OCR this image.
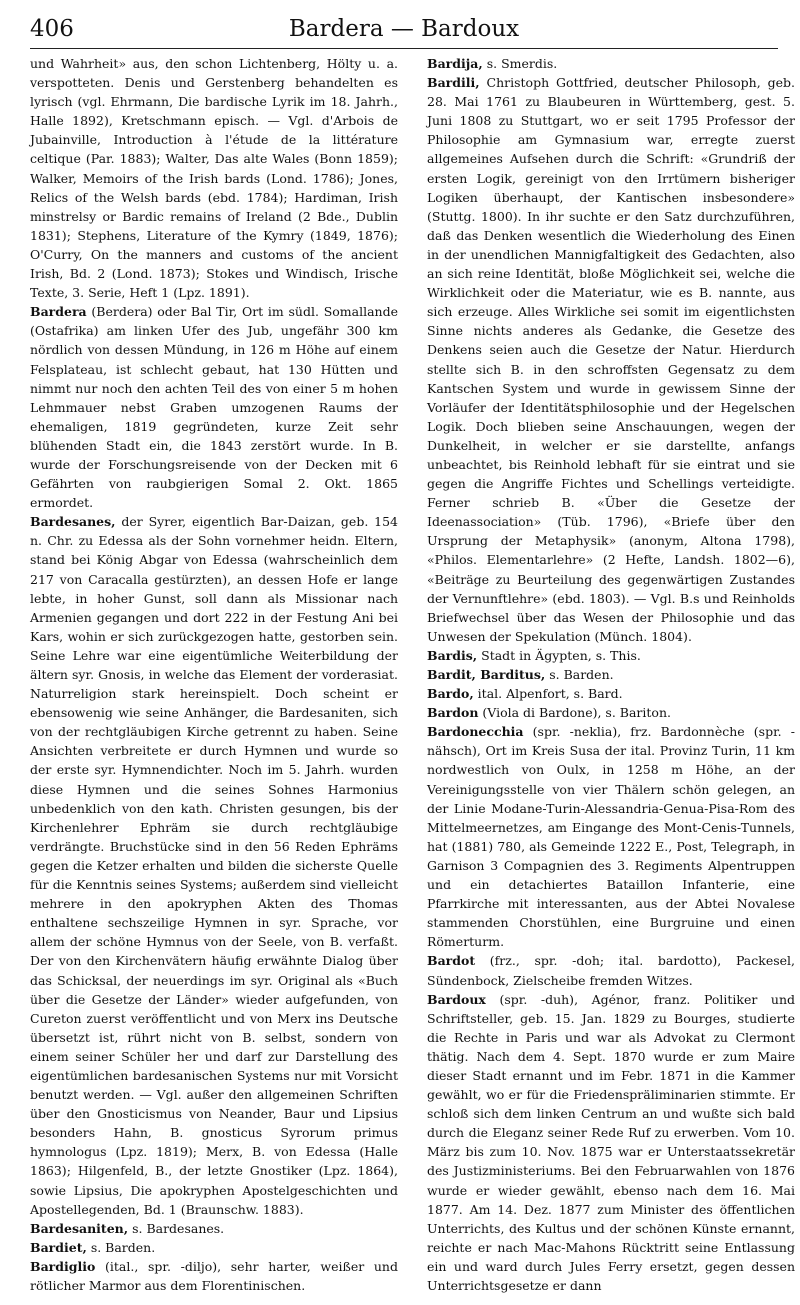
406	Bardera — Bardoux

und Wahrheit» aus, den schon Lichtenberg, Hölty u. a. verspotteten. Denis und Gerstenberg behandelten es lyrisch (vgl. Ehrmann, Die bardische Lyrik im 18. Jahrh., Halle 1892), Kretschmann episch. — Vgl. d'Arbois de Jubainville, Introduction à l'étude de la littérature celtique (Par. 1883); Walter, Das alte Wales (Bonn 1859); Walker, Memoirs of the Irish bards (Lond. 1786); Jones, Relics of the Welsh bards (ebd. 1784); Hardiman, Irish minstrelsy or Bardic remains of Ireland (2 Bde., Dublin 1831); Stephens, Literature of the Kymry (1849, 1876); O'Curry, On the manners and customs of the ancient Irish, Bd. 2 (Lond. 1873); Stokes und Windisch, Irische Texte, 3. Serie, Heft 1 (Lpz. 1891).

Bardera (Berdera) oder Bal Tir, Ort im südl. Somallande (Ostafrika) am linken Ufer des Jub, ungefähr 300 km nördlich von dessen Mündung, in 126 m Höhe auf einem Felsplateau, ist schlecht gebaut, hat 130 Hütten und nimmt nur noch den achten Teil des von einer 5 m hohen Lehmmauer nebst Graben umzogenen Raums der ehemaligen, 1819 gegründeten, kurze Zeit sehr blühenden Stadt ein, die 1843 zerstört wurde. In B. wurde der Forschungsreisende von der Decken mit 6 Gefährten von raubgierigen Somal 2. Okt. 1865 ermordet.

Bardesanes, der Syrer, eigentlich Bar-Daizan, geb. 154 n. Chr. zu Edessa als der Sohn vornehmer heidn. Eltern, stand bei König Abgar von Edessa (wahrscheinlich dem 217 von Caracalla gestürzten), an dessen Hofe er lange lebte, in hoher Gunst, soll dann als Missionar nach Armenien gegangen und dort 222 in der Festung Ani bei Kars, wohin er sich zurückgezogen hatte, gestorben sein. Seine Lehre war eine eigentümliche Weiterbildung der ältern syr. Gnosis, in welche das Element der vorderasiat. Naturreligion stark hereinspielt. Doch scheint er ebensowenig wie seine Anhänger, die Bardesaniten, sich von der rechtgläubigen Kirche getrennt zu haben. Seine Ansichten verbreitete er durch Hymnen und wurde so der erste syr. Hymnendichter. Noch im 5. Jahrh. wurden diese Hymnen und die seines Sohnes Harmonius unbedenklich von den kath. Christen gesungen, bis der Kirchenlehrer Ephräm sie durch rechtgläubige verdrängte. Bruchstücke sind in den 56 Reden Ephräms gegen die Ketzer erhalten und bilden die sicherste Quelle für die Kenntnis seines Systems; außerdem sind vielleicht mehrere in den apokryphen Akten des Thomas enthaltene sechszeilige Hymnen in syr. Sprache, vor allem der schöne Hymnus von der Seele, von B. verfaßt. Der von den Kirchenvätern häufig erwähnte Dialog über das Schicksal, der neuerdings im syr. Original als «Buch über die Gesetze der Länder» wieder aufgefunden, von Cureton zuerst veröffentlicht und von Merx ins Deutsche übersetzt ist, rührt nicht von B. selbst, sondern von einem seiner Schüler her und darf zur Darstellung des eigentümlichen bardesanischen Systems nur mit Vorsicht benutzt werden. — Vgl. außer den allgemeinen Schriften über den Gnosticismus von Neander, Baur und Lipsius besonders Hahn, B. gnosticus Syrorum primus hymnologus (Lpz. 1819); Merx, B. von Edessa (Halle 1863); Hilgenfeld, B., der letzte Gnostiker (Lpz. 1864), sowie Lipsius, Die apokryphen Apostelgeschichten und Apostellegenden, Bd. 1 (Braunschw. 1883).

Bardesaniten, s. Bardesanes.

Bardiet, s. Barden.

Bardiglio (ital., spr. -diljo), sehr harter, weißer und rötlicher Marmor aus dem Florentinischen.

Bardija, s. Smerdis.

Bardili, Christoph Gottfried, deutscher Philosoph, geb. 28. Mai 1761 zu Blaubeuren in Württemberg, gest. 5. Juni 1808 zu Stuttgart, wo er seit 1795 Professor der Philosophie am Gymnasium war, erregte zuerst allgemeines Aufsehen durch die Schrift: «Grundriß der ersten Logik, gereinigt von den Irrtümern bisheriger Logiken überhaupt, der Kantischen insbesondere» (Stuttg. 1800). In ihr suchte er den Satz durchzuführen, daß das Denken wesentlich die Wiederholung des Einen in der unendlichen Mannigfaltigkeit des Gedachten, also an sich reine Identität, bloße Möglichkeit sei, welche die Wirklichkeit oder die Materiatur, wie es B. nannte, aus sich erzeuge. Alles Wirkliche sei somit im eigentlichsten Sinne nichts anderes als Gedanke, die Gesetze des Denkens seien auch die Gesetze der Natur. Hierdurch stellte sich B. in den schroffsten Gegensatz zu dem Kantschen System und wurde in gewissem Sinne der Vorläufer der Identitätsphilosophie und der Hegelschen Logik. Doch blieben seine Anschauungen, wegen der Dunkelheit, in welcher er sie darstellte, anfangs unbeachtet, bis Reinhold lebhaft für sie eintrat und sie gegen die Angriffe Fichtes und Schellings verteidigte. Ferner schrieb B. «Über die Gesetze der Ideenassociation» (Tüb. 1796), «Briefe über den Ursprung der Metaphysik» (anonym, Altona 1798), «Philos. Elementarlehre» (2 Hefte, Landsh. 1802—6), «Beiträge zu Beurteilung des gegenwärtigen Zustandes der Vernunftlehre» (ebd. 1803). — Vgl. B.s und Reinholds Briefwechsel über das Wesen der Philosophie und das Unwesen der Spekulation (Münch. 1804).

Bardis, Stadt in Ägypten, s. This.

Bardit, Barditus, s. Barden.

Bardo, ital. Alpenfort, s. Bard.

Bardon (Viola di Bardone), s. Bariton.

Bardonecchia (spr. -neklia), frz. Bardonnèche (spr. -nähsch), Ort im Kreis Susa der ital. Provinz Turin, 11 km nordwestlich von Oulx, in 1258 m Höhe, an der Vereinigungsstelle von vier Thälern schön gelegen, an der Linie Modane-Turin-Alessandria-Genua-Pisa-Rom des Mittelmeernetzes, am Eingange des Mont-Cenis-Tunnels, hat (1881) 780, als Gemeinde 1222 E., Post, Telegraph, in Garnison 3 Compagnien des 3. Regiments Alpentruppen und ein detachiertes Bataillon Infanterie, eine Pfarrkirche mit interessanten, aus der Abtei Novalese stammenden Chorstühlen, eine Burgruine und einen Römerturm.

Bardot (frz., spr. -doh; ital. bardotto), Packesel, Sündenbock, Zielscheibe fremden Witzes.

Bardoux (spr. -duh), Agénor, franz. Politiker und Schriftsteller, geb. 15. Jan. 1829 zu Bourges, studierte die Rechte in Paris und war als Advokat zu Clermont thätig. Nach dem 4. Sept. 1870 wurde er zum Maire dieser Stadt ernannt und im Febr. 1871 in die Kammer gewählt, wo er für die Friedenspräliminarien stimmte. Er schloß sich dem linken Centrum an und wußte sich bald durch die Eleganz seiner Rede Ruf zu erwerben. Vom 10. März bis zum 10. Nov. 1875 war er Unterstaatssekretär des Justizministeriums. Bei den Februarwahlen von 1876 wurde er wieder gewählt, ebenso nach dem 16. Mai 1877. Am 14. Dez. 1877 zum Minister des öffentlichen Unterrichts, des Kultus und der schönen Künste ernannt, reichte er nach Mac-Mahons Rücktritt seine Entlassung ein und ward durch Jules Ferry ersetzt, gegen dessen Unterrichtsgesetze er dann
